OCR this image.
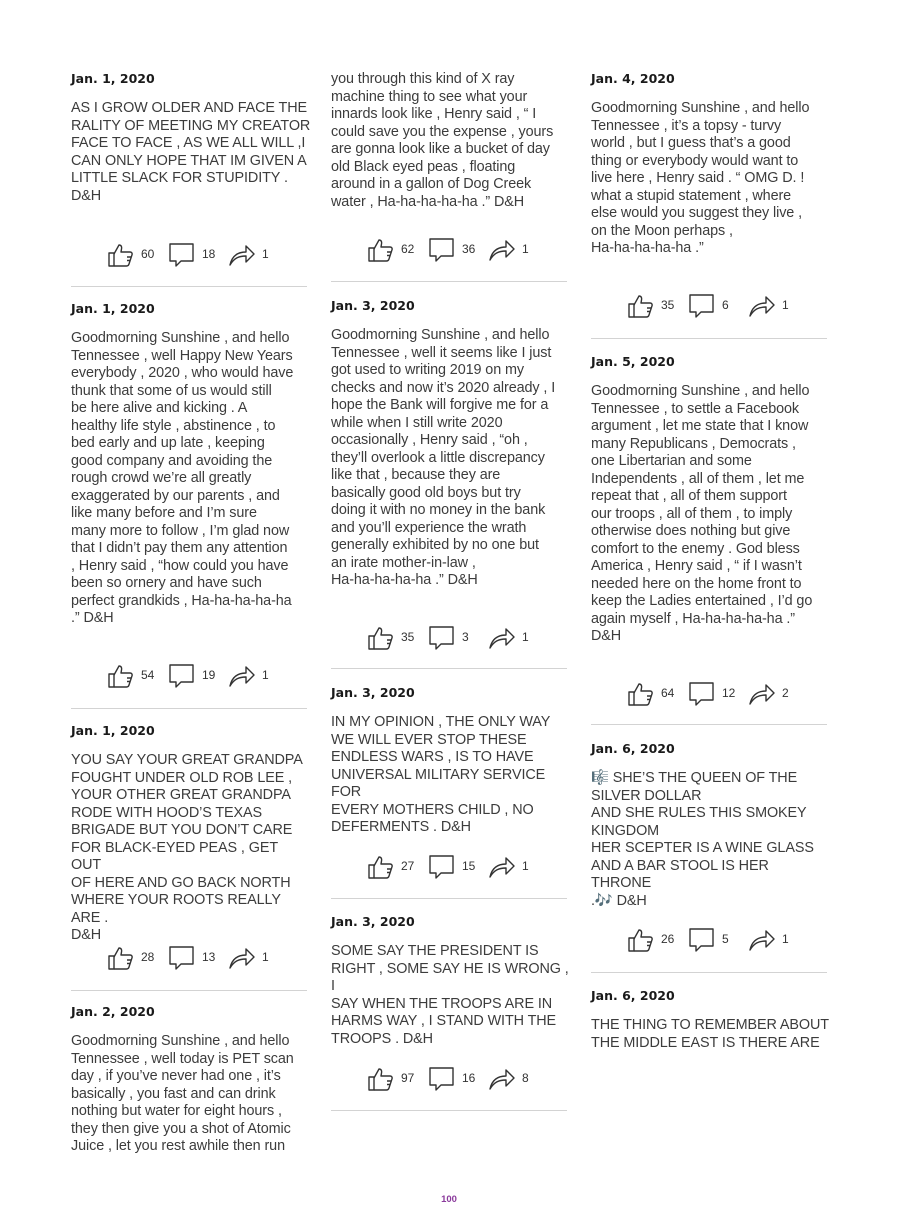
Jan. 1, 2020
AS I GROW OLDER AND FACE THE
RALITY OF MEETING MY CREATOR
FACE TO FACE , AS WE ALL WILL ,I
CAN ONLY HOPE THAT IM GIVEN A
LITTLE SLACK FOR STUPIDITY .
D&H
60	18	1
Jan. 1, 2020
Goodmorning Sunshine , and hello
Tennessee , well Happy New Years
everybody , 2020 , who would have
thunk that some of us would still
be here alive and kicking . A
healthy life style , abstinence , to
bed early and up late , keeping
good company and avoiding the
rough crowd we’re all greatly
exaggerated by our parents , and
like many before and I’m sure
many more to follow , I’m glad now
that I didn’t pay them any attention
, Henry said , “how could you have
been so ornery and have such
perfect grandkids , Ha-ha-ha-ha-ha
.” D&H
54	19	1
Jan. 1, 2020
YOU SAY YOUR GREAT GRANDPA
FOUGHT UNDER OLD ROB LEE ,
YOUR OTHER GREAT GRANDPA
RODE WITH HOOD’S TEXAS
BRIGADE BUT YOU DON’T CARE
FOR BLACK-EYED PEAS , GET OUT
OF HERE AND GO BACK NORTH
WHERE YOUR ROOTS REALLY ARE .
D&H
28	13	1
Jan. 2, 2020
Goodmorning Sunshine , and hello
Tennessee , well today is PET scan
day , if you’ve never had one , it’s
basically , you fast and can drink
nothing but water for eight hours ,
they then give you a shot of Atomic
Juice , let you rest awhile then run
you through this kind of X ray
machine thing to see what your
innards look like , Henry said , “ I
could save you the expense , yours
are gonna look like a bucket of day
old Black eyed peas , floating
around in a gallon of Dog Creek
water , Ha-ha-ha-ha-ha .” D&H
62	36	1
Jan. 3, 2020
Goodmorning Sunshine , and hello
Tennessee , well it seems like I just
got used to writing 2019 on my
checks and now it’s 2020 already , I
hope the Bank will forgive me for a
while when I still write 2020
occasionally , Henry said , “oh ,
they’ll overlook a little discrepancy
like that , because they are
basically good old boys but try
doing it with no money in the bank
and you’ll experience the wrath
generally exhibited by no one but
an irate mother-in-law ,
Ha-ha-ha-ha-ha .” D&H
35	3	1
Jan. 3, 2020
IN MY OPINION , THE ONLY WAY
WE WILL EVER STOP THESE
ENDLESS WARS , IS TO HAVE
UNIVERSAL MILITARY SERVICE FOR
EVERY MOTHERS CHILD , NO
DEFERMENTS . D&H
27	15	1
Jan. 3, 2020
SOME SAY THE PRESIDENT IS
RIGHT , SOME SAY HE IS WRONG , I
SAY WHEN THE TROOPS ARE IN
HARMS WAY , I STAND WITH THE
TROOPS . D&H
97	16	8
Jan. 4, 2020
Goodmorning Sunshine , and hello
Tennessee , it’s a topsy - turvy
world , but I guess that’s a good
thing or everybody would want to
live here , Henry said . “ OMG D. !
what a stupid statement , where
else would you suggest they live ,
on the Moon perhaps ,
Ha-ha-ha-ha-ha .”
35	6	1
Jan. 5, 2020
Goodmorning Sunshine , and hello
Tennessee , to settle a Facebook
argument , let me state that I know
many Republicans , Democrats ,
one Libertarian and some
Independents , all of them , let me
repeat that , all of them support
our troops , all of them , to imply
otherwise does nothing but give
comfort to the enemy . God bless
America , Henry said , “ if I wasn’t
needed here on the home front to
keep the Ladies entertained , I’d go
again myself , Ha-ha-ha-ha-ha .”
D&H
64	12	2
Jan. 6, 2020
🎼 SHE’S THE QUEEN OF THE
SILVER DOLLAR
AND SHE RULES THIS SMOKEY
KINGDOM
HER SCEPTER IS A WINE GLASS
AND A BAR STOOL IS HER THRONE
.🎶 D&H
26	5	1
Jan. 6, 2020
THE THING TO REMEMBER ABOUT
THE MIDDLE EAST IS THERE ARE
100
